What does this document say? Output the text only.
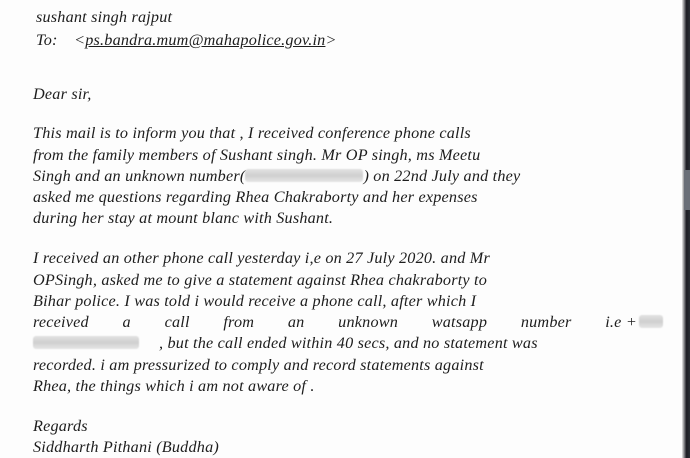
sushant singh rajput
To: <ps.bandra.mum@mahapolice.gov.in>
Dear sir,
This mail is to inform you that , I received conference phone calls
from the family members of Sushant singh. Mr OP singh, ms Meetu
Singh and an unknown number(	) on 22nd July and they
asked me questions regarding Rhea Chakraborty and her expenses
during her stay at mount blanc with Sushant.
I received an other phone call yesterday i,e on 27 July 2020. and Mr
OPSingh, asked me to give a statement against Rhea chakraborty to
Bihar police. I was told i would receive a phone call, after which I
received a call from an unknown watsapp number i.e +
, but the call ended within 40 secs, and no statement was
recorded. i am pressurized to comply and record statements against
Rhea, the things which i am not aware of .
Regards
Siddharth Pithani (Buddha)
